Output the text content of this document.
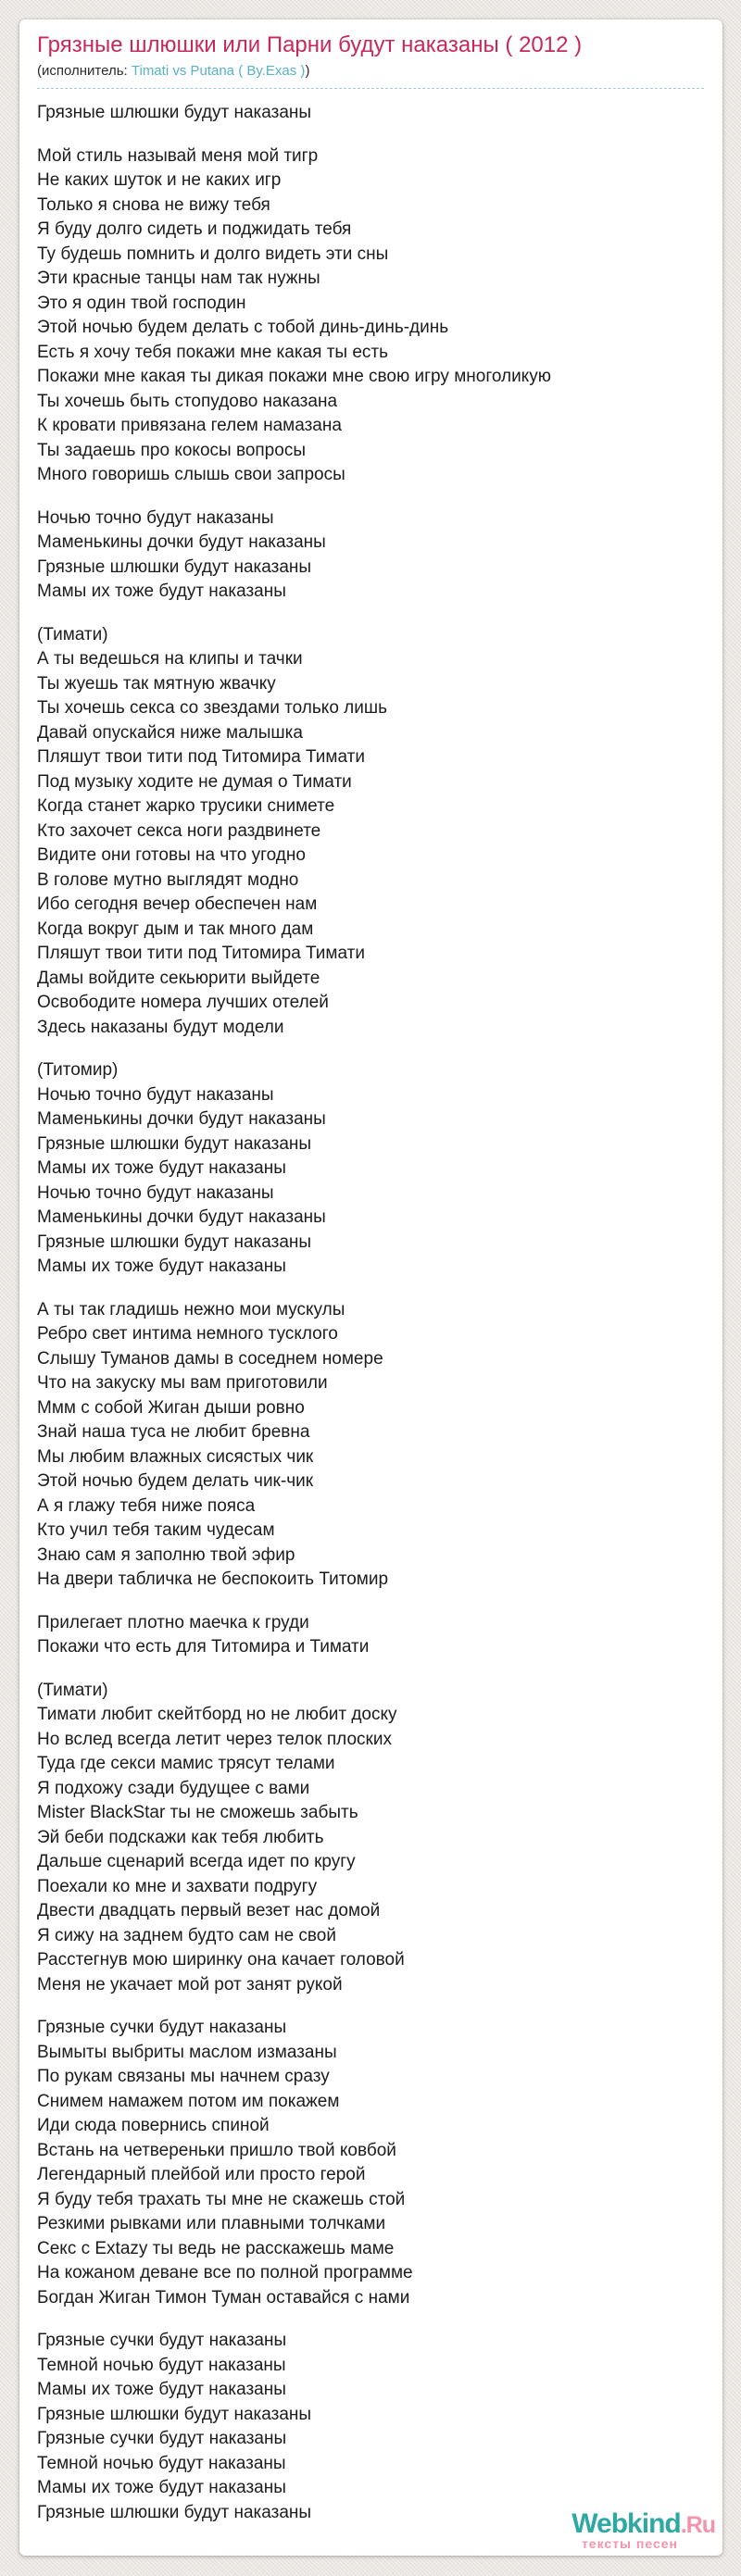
Грязные шлюшки или Парни будут наказаны ( 2012 )
(исполнитель: Timati vs Putana ( By.Exas ))

Грязные шлюшки будут наказаны

Мой стиль называй меня мой тигр
Не каких шуток и не каких игр
Только я снова не вижу тебя
Я буду долго сидеть и поджидать тебя
Ту будешь помнить и долго видеть эти сны
Эти красные танцы нам так нужны
Это я один твой господин
Этой ночью будем делать с тобой динь-динь-динь
Есть я хочу тебя покажи мне какая ты есть
Покажи мне какая ты дикая покажи мне свою игру многоликую
Ты хочешь быть стопудово наказана
К кровати привязана гелем намазана
Ты задаешь про кокосы вопросы
Много говоришь слышь свои запросы

Ночью точно будут наказаны
Маменькины дочки будут наказаны
Грязные шлюшки будут наказаны
Мамы их тоже будут наказаны

(Тимати)
А ты ведешься на клипы и тачки
Ты жуешь так мятную жвачку
Ты хочешь секса со звездами только лишь
Давай опускайся ниже малышка
Пляшут твои тити под Титомира Тимати
Под музыку ходите не думая о Тимати
Когда станет жарко трусики снимете
Кто захочет секса ноги раздвинете
Видите они готовы на что угодно
В голове мутно выглядят модно
Ибо сегодня вечер обеспечен нам
Когда вокруг дым и так много дам
Пляшут твои тити под Титомира Тимати
Дамы войдите секьюрити выйдете
Освободите номера лучших отелей
Здесь наказаны будут модели

(Титомир)
Ночью точно будут наказаны
Маменькины дочки будут наказаны
Грязные шлюшки будут наказаны
Мамы их тоже будут наказаны
Ночью точно будут наказаны
Маменькины дочки будут наказаны
Грязные шлюшки будут наказаны
Мамы их тоже будут наказаны

А ты так гладишь нежно мои мускулы
Ребро свет интима немного тусклого
Слышу Туманов дамы в соседнем номере
Что на закуску мы вам приготовили
Ммм с собой Жиган дыши ровно
Знай наша туса не любит бревна
Мы любим влажных сисястых чик
Этой ночью будем делать чик-чик
А я глажу тебя ниже пояса
Кто учил тебя таким чудесам
Знаю сам я заполню твой эфир
На двери табличка не беспокоить Титомир

Прилегает плотно маечка к груди
Покажи что есть для Титомира и Тимати

(Тимати)
Тимати любит скейтборд но не любит доску
Но вслед всегда летит через телок плоских
Туда где секси мамис трясут телами
Я подхожу сзади будущее с вами
Mister BlackStar ты не сможешь забыть
Эй беби подскажи как тебя любить
Дальше сценарий всегда идет по кругу
Поехали ко мне и захвати подругу
Двести двадцать первый везет нас домой
Я сижу на заднем будто сам не свой
Расстегнув мою ширинку она качает головой
Меня не укачает мой рот занят рукой

Грязные сучки будут наказаны
Вымыты выбриты маслом измазаны
По рукам связаны мы начнем сразу
Снимем намажем потом им покажем
Иди сюда повернись спиной
Встань на четвереньки пришло твой ковбой
Легендарный плейбой или просто герой
Я буду тебя трахать ты мне не скажешь стой
Резкими рывками или плавными толчками
Секс с Extazy ты ведь не расскажешь маме
На кожаном деване все по полной программе
Богдан Жиган Тимон Туман оставайся с нами

Грязные сучки будут наказаны
Темной ночью будут наказаны
Мамы их тоже будут наказаны
Грязные шлюшки будут наказаны
Грязные сучки будут наказаны
Темной ночью будут наказаны
Мамы их тоже будут наказаны
Грязные шлюшки будут наказаны	Webkind.Ru
тексты песен
